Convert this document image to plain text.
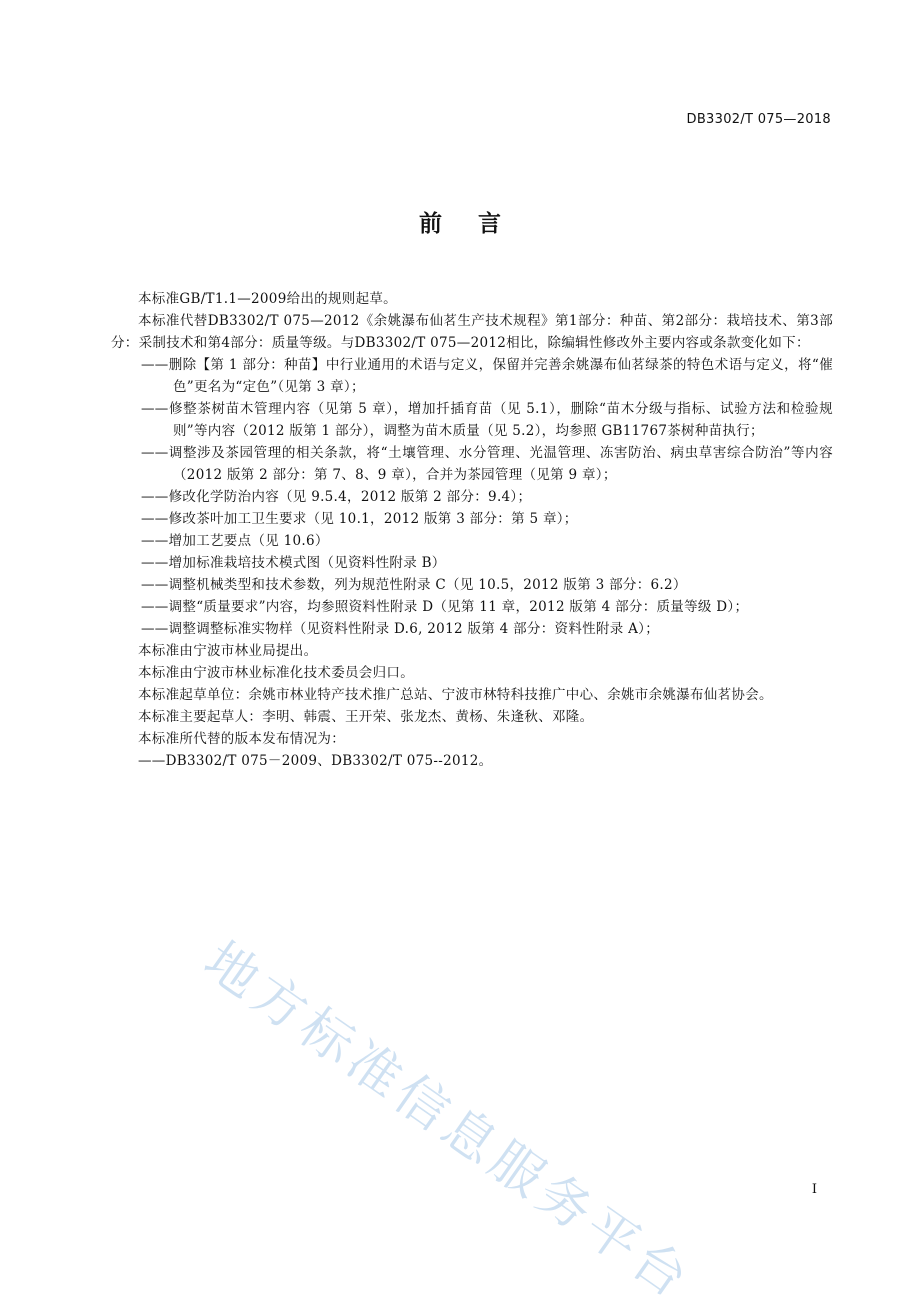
DB3302/T 075—2018
前言

本标准GB/T1.1—2009给出的规则起草。

本标准代替DB3302/T 075—2012《余姚瀑布仙茗生产技术规程》第1部分：种苗、第2部分：栽培技术、第3部分：采制技术和第4部分：质量等级。与DB3302/T 075—2012相比，除编辑性修改外主要内容或条款变化如下：

——删除【第 1 部分：种苗】中行业通用的术语与定义，保留并完善余姚瀑布仙茗绿茶的特色术语与定义，将“催色”更名为“定色”（见第 3 章）；

——修整茶树苗木管理内容（见第 5 章），增加扦插育苗（见 5.1），删除“苗木分级与指标、试验方法和检验规则”等内容（2012 版第 1 部分），调整为苗木质量（见 5.2），均参照 GB11767茶树种苗执行；

——调整涉及茶园管理的相关条款，将“土壤管理、水分管理、光温管理、冻害防治、病虫草害综合防治”等内容（2012 版第 2 部分：第 7、8、9 章），合并为茶园管理（见第 9 章）；

——修改化学防治内容（见 9.5.4，2012 版第 2 部分：9.4）；

——修改茶叶加工卫生要求（见 10.1，2012 版第 3 部分：第 5 章）；

——增加工艺要点（见 10.6）

——增加标准栽培技术模式图（见资料性附录 B）

——调整机械类型和技术参数，列为规范性附录 C（见 10.5，2012 版第 3 部分：6.2）

——调整“质量要求”内容，均参照资料性附录 D（见第 11 章，2012 版第 4 部分：质量等级 D）；

——调整调整标准实物样（见资料性附录 D.6, 2012 版第 4 部分：资料性附录 A）；

本标准由宁波市林业局提出。

本标准由宁波市林业标准化技术委员会归口。

本标准起草单位：余姚市林业特产技术推广总站、宁波市林特科技推广中心、余姚市余姚瀑布仙茗协会。

本标准主要起草人：李明、韩震、王开荣、张龙杰、黄杨、朱逢秋、邓隆。

本标准所代替的版本发布情况为：

——DB3302/T 075－2009、DB3302/T 075--2012。

地方标准信息服务平台	I
